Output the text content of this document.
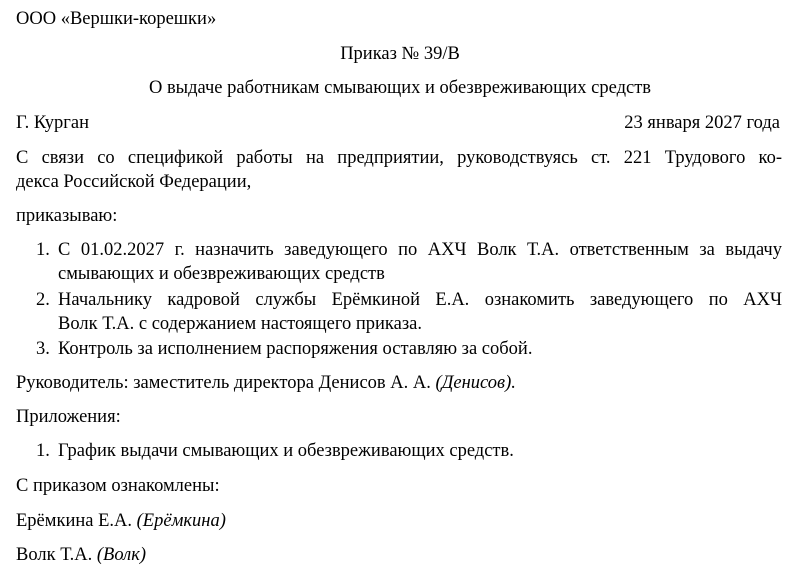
ООО «Вершки-корешки»
Приказ № 39/В
О выдаче работникам смывающих и обезвреживающих средств
Г. Курган	23 января 2027 года
С связи со спецификой работы на предприятии, руководствуясь ст. 221 Трудового ко-
декса Российской Федерации,
приказываю:
1. С 01.02.2027 г. назначить заведующего по АХЧ Волк Т.А. ответственным за выдачу
смывающих и обезвреживающих средств
2. Начальнику кадровой службы Ерёмкиной Е.А. ознакомить заведующего по АХЧ
Волк Т.А. с содержанием настоящего приказа.
3. Контроль за исполнением распоряжения оставляю за собой.
Руководитель: заместитель директора Денисов А. А. (Денисов).
Приложения:
1. График выдачи смывающих и обезвреживающих средств.
С приказом ознакомлены:
Ерёмкина Е.А. (Ерёмкина)
Волк Т.А. (Волк)
